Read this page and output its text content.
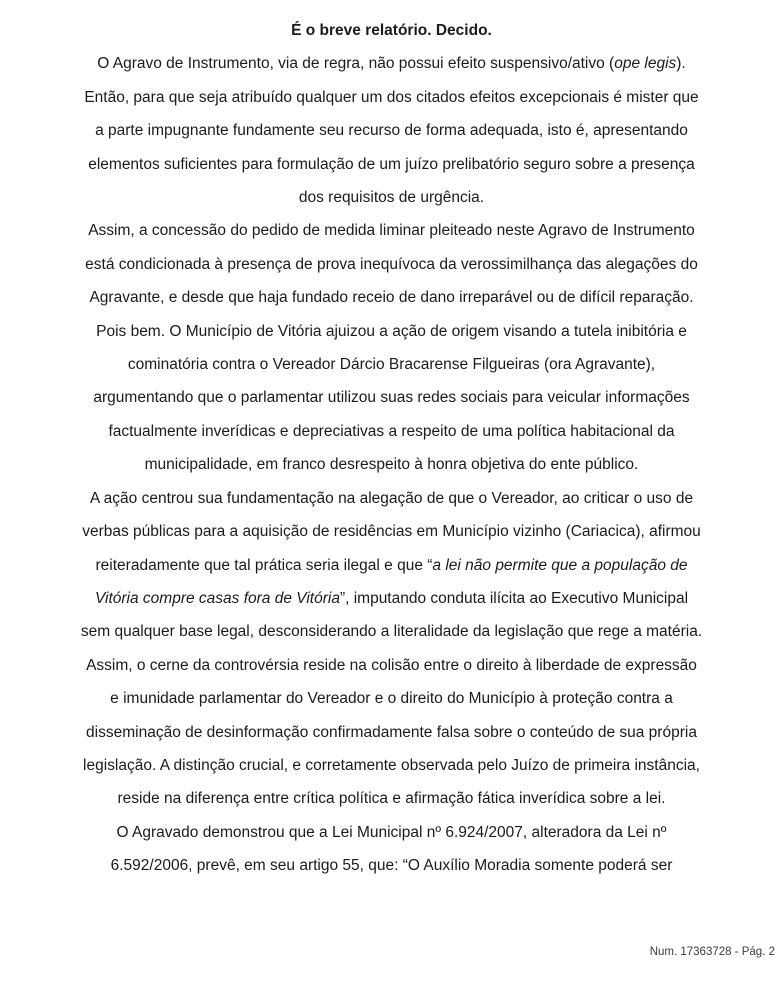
É o breve relatório. Decido.
O Agravo de Instrumento, via de regra, não possui efeito suspensivo/ativo (ope legis).
Então, para que seja atribuído qualquer um dos citados efeitos excepcionais é mister que
a parte impugnante fundamente seu recurso de forma adequada, isto é, apresentando
elementos suficientes para formulação de um juízo prelibatório seguro sobre a presença
dos requisitos de urgência.
Assim, a concessão do pedido de medida liminar pleiteado neste Agravo de Instrumento
está condicionada à presença de prova inequívoca da verossimilhança das alegações do
Agravante, e desde que haja fundado receio de dano irreparável ou de difícil reparação.
Pois bem. O Município de Vitória ajuizou a ação de origem visando a tutela inibitória e
cominatória contra o Vereador Dárcio Bracarense Filgueiras (ora Agravante),
argumentando que o parlamentar utilizou suas redes sociais para veicular informações
factualmente inverídicas e depreciativas a respeito de uma política habitacional da
municipalidade, em franco desrespeito à honra objetiva do ente público.
A ação centrou sua fundamentação na alegação de que o Vereador, ao criticar o uso de
verbas públicas para a aquisição de residências em Município vizinho (Cariacica), afirmou
reiteradamente que tal prática seria ilegal e que “a lei não permite que a população de
Vitória compre casas fora de Vitória”, imputando conduta ilícita ao Executivo Municipal
sem qualquer base legal, desconsiderando a literalidade da legislação que rege a matéria.
Assim, o cerne da controvérsia reside na colisão entre o direito à liberdade de expressão
e imunidade parlamentar do Vereador e o direito do Município à proteção contra a
disseminação de desinformação confirmadamente falsa sobre o conteúdo de sua própria
legislação. A distinção crucial, e corretamente observada pelo Juízo de primeira instância,
reside na diferença entre crítica política e afirmação fática inverídica sobre a lei.
O Agravado demonstrou que a Lei Municipal nº 6.924/2007, alteradora da Lei nº
6.592/2006, prevê, em seu artigo 55, que: “O Auxílio Moradia somente poderá ser
Num. 17363728 - Pág. 2
